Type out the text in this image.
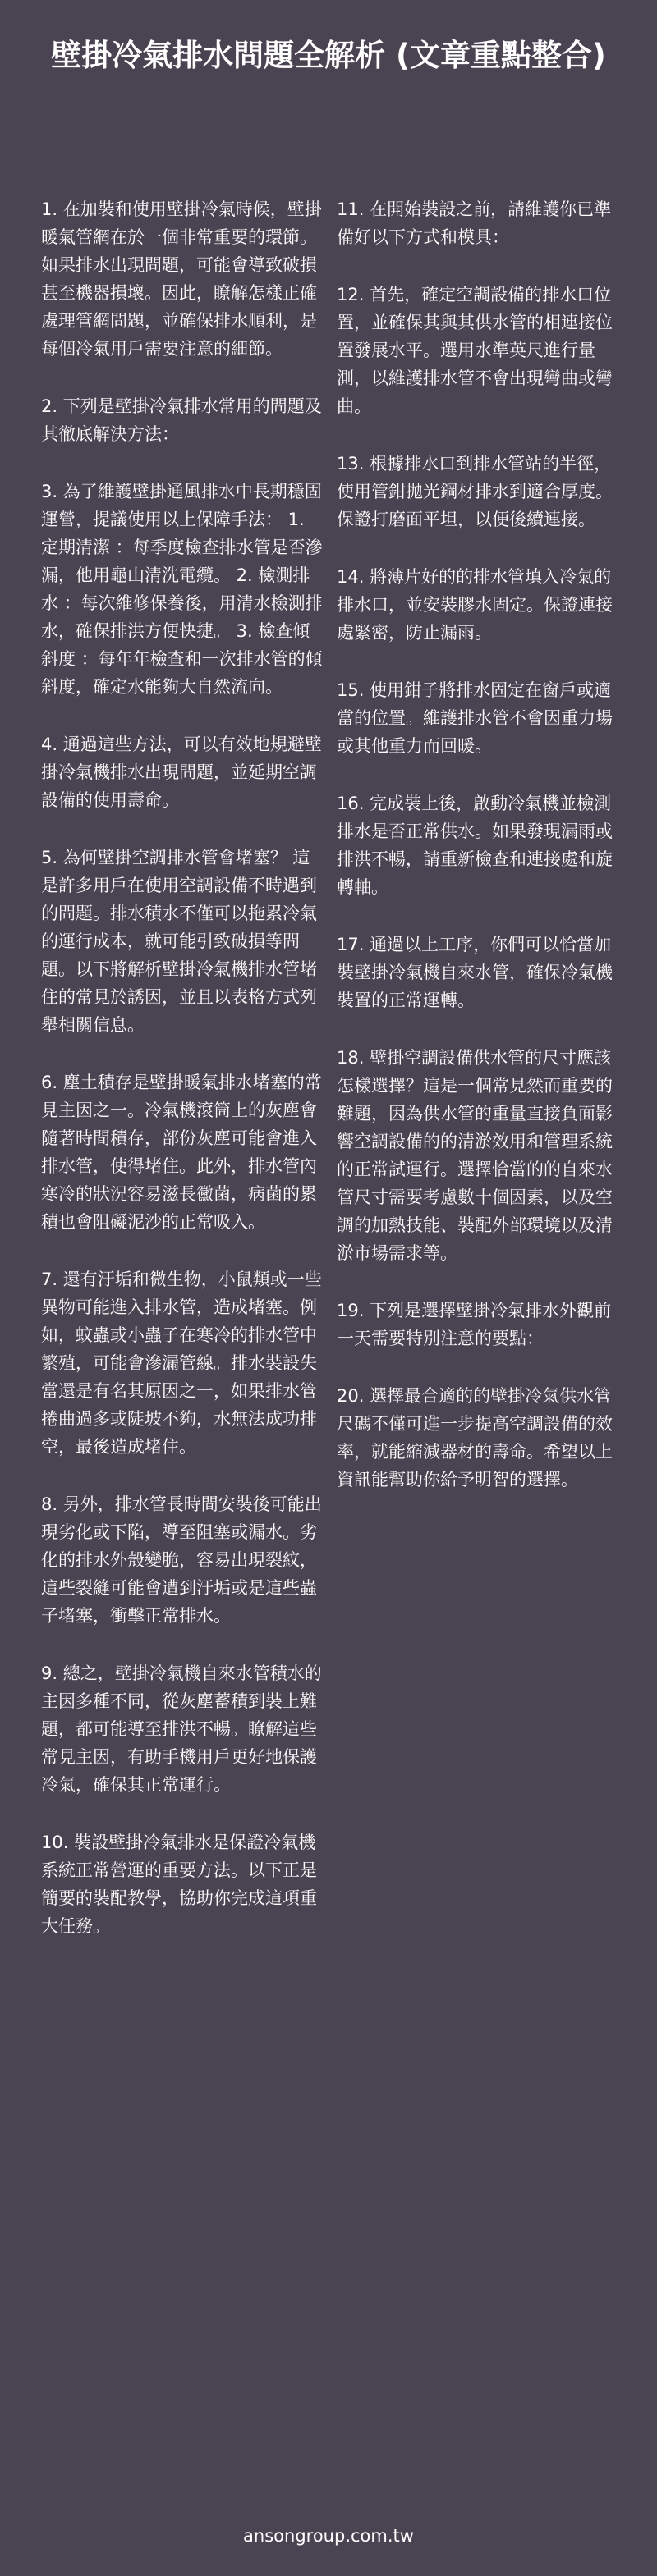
壁掛冷氣排水問題全解析 (文章重點整合)

1. 在加裝和使用壁掛冷氣時候，壁掛暖氣管網在於一個非常重要的環節。如果排水出現問題，可能會導致破損甚至機器損壞。因此，瞭解怎樣正確處理管網問題，並確保排水順利，是每個冷氣用戶需要注意的細節。

2. 下列是壁掛冷氣排水常用的問題及其徹底解決方法：

3. 為了維護壁掛通風排水中長期穩固運營，提議使用以上保障手法： 1. 定期清潔 ：每季度檢查排水管是否滲漏，他用龜山清洗電纜。 2. 檢測排水 ：每次維修保養後，用清水檢測排水，確保排洪方便快捷。 3. 檢查傾斜度 ：每年年檢查和一次排水管的傾斜度，確定水能夠大自然流向。

4. 通過這些方法，可以有效地規避壁掛冷氣機排水出現問題，並延期空調設備的使用壽命。

5. 為何壁掛空調排水管會堵塞？ 這是許多用戶在使用空調設備不時遇到的問題。排水積水不僅可以拖累冷氣的運行成本，就可能引致破損等問題。以下將解析壁掛冷氣機排水管堵住的常見於誘因，並且以表格方式列舉相關信息。

6. 塵土積存是壁掛暖氣排水堵塞的常見主因之一。冷氣機滾筒上的灰塵會隨著時間積存，部份灰塵可能會進入排水管，使得堵住。此外，排水管內寒冷的狀況容易滋長黴菌，病菌的累積也會阻礙泥沙的正常吸入。

7. 還有汙垢和微生物，小鼠類或一些異物可能進入排水管，造成堵塞。例如，蚊蟲或小蟲子在寒冷的排水管中繁殖，可能會滲漏管線。排水裝設失當還是有名其原因之一，如果排水管捲曲過多或陡坡不夠，水無法成功排空，最後造成堵住。

8. 另外，排水管長時間安裝後可能出現劣化或下陷，導至阻塞或漏水。劣化的排水外殼變脆，容易出現裂紋，這些裂縫可能會遭到汙垢或是這些蟲子堵塞，衝擊正常排水。

9. 總之，壁掛冷氣機自來水管積水的主因多種不同，從灰塵蓄積到裝上難題，都可能導至排洪不暢。瞭解這些常見主因，有助手機用戶更好地保護冷氣，確保其正常運行。

10. 裝設壁掛冷氣排水是保證冷氣機系統正常營運的重要方法。以下正是簡要的裝配教學，協助你完成這項重大任務。

11. 在開始裝設之前，請維護你已準備好以下方式和模具：

12. 首先，確定空調設備的排水口位置，並確保其與其供水管的相連接位置發展水平。選用水準英尺進行量測，以維護排水管不會出現彎曲或彎曲。

13. 根據排水口到排水管站的半徑，使用管鉗拋光鋼材排水到適合厚度。保證打磨面平坦，以便後續連接。

14. 將薄片好的的排水管填入冷氣的排水口，並安裝膠水固定。保證連接處緊密，防止漏雨。

15. 使用鉗子將排水固定在窗戶或適當的位置。維護排水管不會因重力場或其他重力而回暖。

16. 完成裝上後，啟動冷氣機並檢測排水是否正常供水。如果發現漏雨或排洪不暢，請重新檢查和連接處和旋轉軸。

17. 通過以上工序，你們可以恰當加裝壁掛冷氣機自來水管，確保冷氣機裝置的正常運轉。

18. 壁掛空調設備供水管的尺寸應該怎樣選擇？這是一個常見然而重要的難題，因為供水管的重量直接負面影響空調設備的的清淤效用和管理系統的正常試運行。選擇恰當的的自來水管尺寸需要考慮數十個因素，以及空調的加熱技能、裝配外部環境以及清淤市場需求等。

19. 下列是選擇壁掛冷氣排水外觀前一天需要特別注意的要點：

20. 選擇最合適的的壁掛冷氣供水管尺碼不僅可進一步提高空調設備的效率，就能縮減器材的壽命。希望以上資訊能幫助你給予明智的選擇。

ansongroup.com.tw
